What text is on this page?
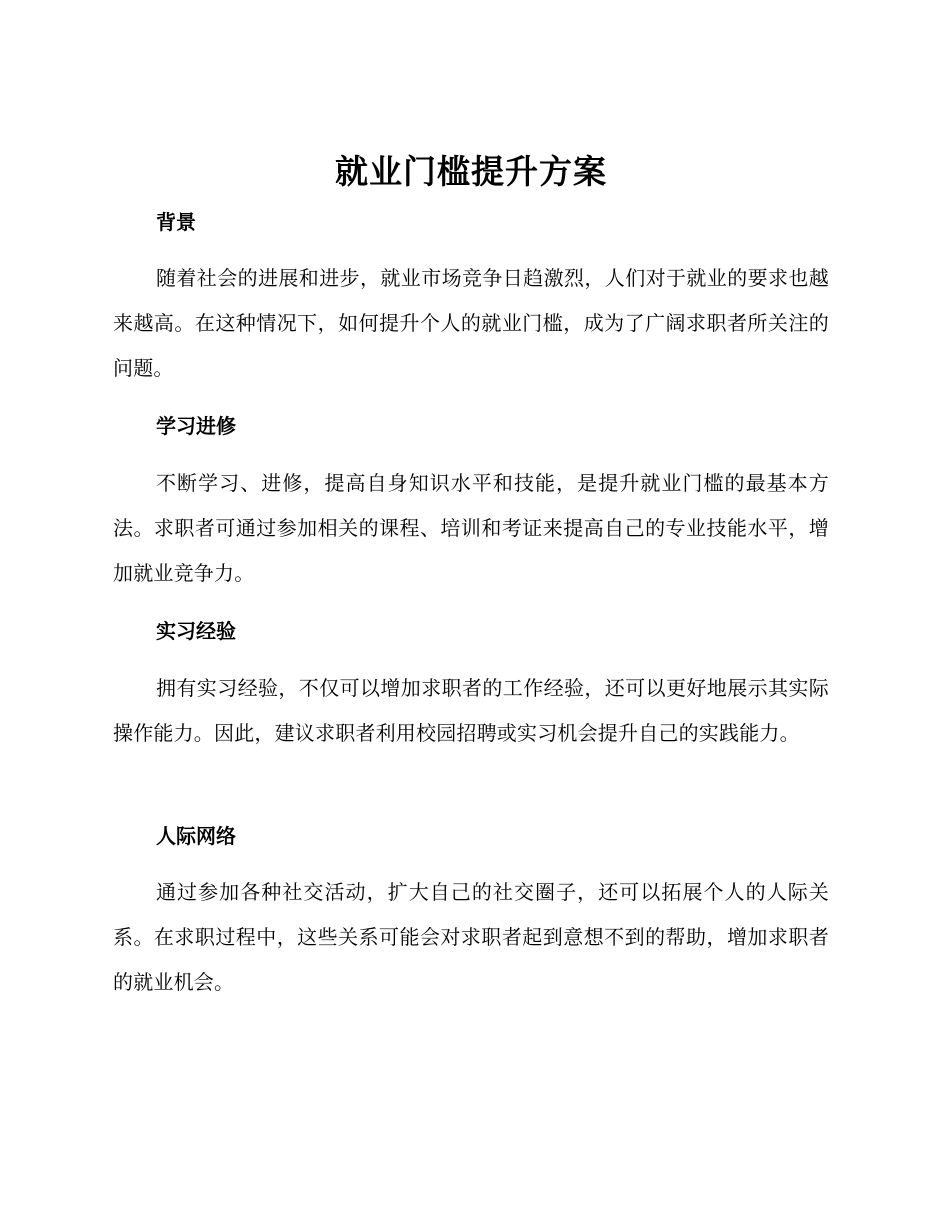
就业门槛提升方案
背景

随着社会的进展和进步，就业市场竞争日趋激烈，人们对于就业的要求也越来越高。在这种情况下，如何提升个人的就业门槛，成为了广阔求职者所关注的问题。

学习进修

不断学习、进修，提高自身知识水平和技能，是提升就业门槛的最基本方法。求职者可通过参加相关的课程、培训和考证来提高自己的专业技能水平，增加就业竞争力。

实习经验

拥有实习经验，不仅可以增加求职者的工作经验，还可以更好地展示其实际操作能力。因此，建议求职者利用校园招聘或实习机会提升自己的实践能力。

人际网络

通过参加各种社交活动，扩大自己的社交圈子，还可以拓展个人的人际关系。在求职过程中，这些关系可能会对求职者起到意想不到的帮助，增加求职者的就业机会。
